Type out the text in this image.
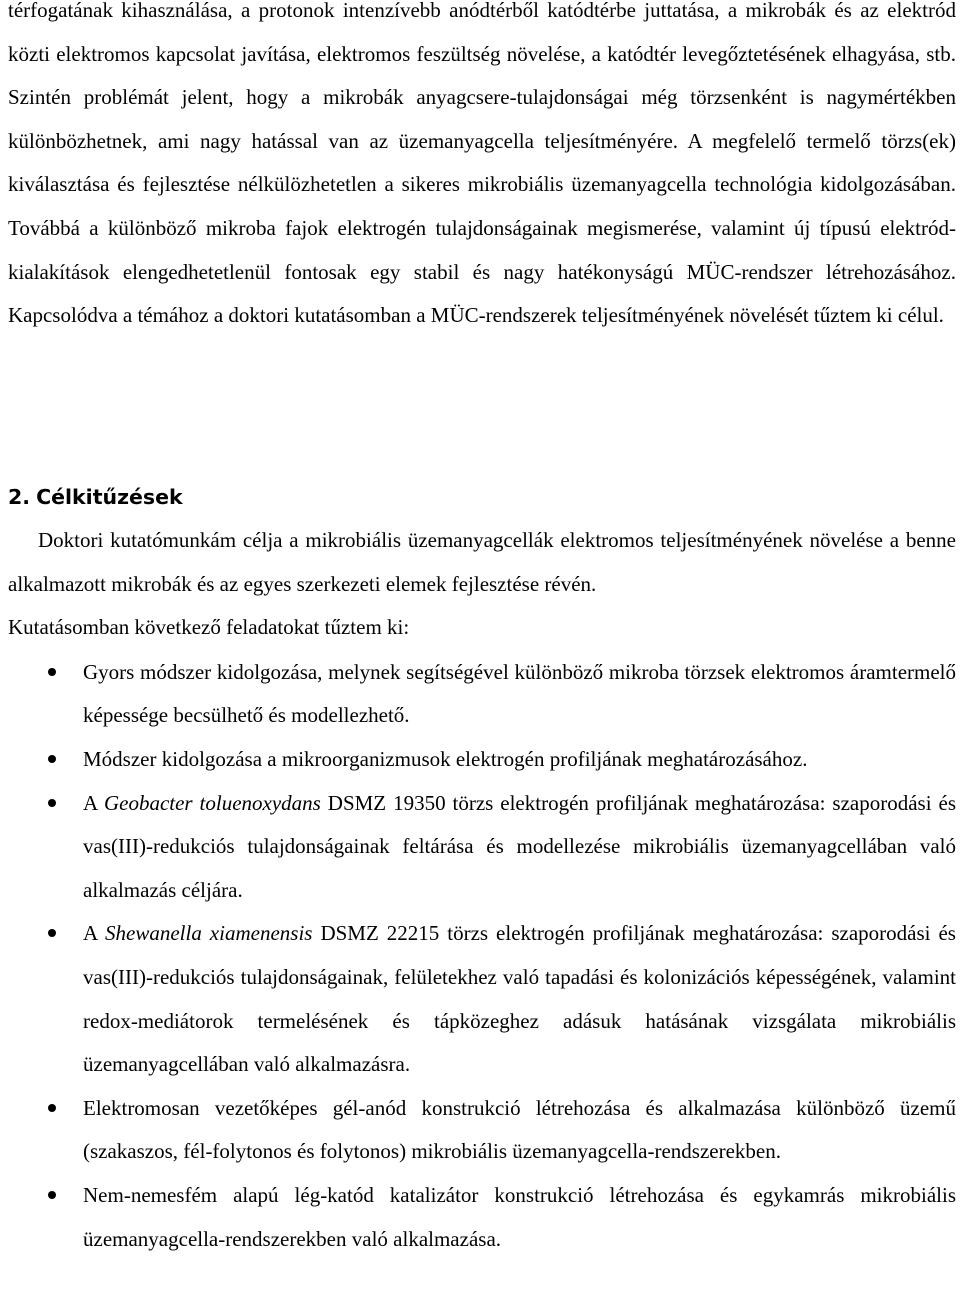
térfogatának kihasználása, a protonok intenzívebb anódtérből katódtérbe juttatása, a mikrobák és az elektród közti elektromos kapcsolat javítása, elektromos feszültség növelése, a katódtér levegőztetésének elhagyása, stb. Szintén problémát jelent, hogy a mikrobák anyagcsere-tulajdonságai még törzsenként is nagymértékben különbözhetnek, ami nagy hatással van az üzemanyagcella teljesítményére. A megfelelő termelő törzs(ek) kiválasztása és fejlesztése nélkülözhetetlen a sikeres mikrobiális üzemanyagcella technológia kidolgozásában. Továbbá a különböző mikroba fajok elektrogén tulajdonságainak megismerése, valamint új típusú elektród-kialakítások elengedhetetlenül fontosak egy stabil és nagy hatékonyságú MÜC-rendszer létrehozásához. Kapcsolódva a témához a doktori kutatásomban a MÜC-rendszerek teljesítményének növelését tűztem ki célul.

2. Célkitűzések

Doktori kutatómunkám célja a mikrobiális üzemanyagcellák elektromos teljesítményének növelése a benne alkalmazott mikrobák és az egyes szerkezeti elemek fejlesztése révén.

Kutatásomban következő feladatokat tűztem ki:

Gyors módszer kidolgozása, melynek segítségével különböző mikroba törzsek elektromos áramtermelő képessége becsülhető és modellezhető.
Módszer kidolgozása a mikroorganizmusok elektrogén profiljának meghatározásához.
A Geobacter toluenoxydans DSMZ 19350 törzs elektrogén profiljának meghatározása: szaporodási és vas(III)-redukciós tulajdonságainak feltárása és modellezése mikrobiális üzemanyagcellában való alkalmazás céljára.
A Shewanella xiamenensis DSMZ 22215 törzs elektrogén profiljának meghatározása: szaporodási és vas(III)-redukciós tulajdonságainak, felületekhez való tapadási és kolonizációs képességének, valamint redox-mediátorok termelésének és tápközeghez adásuk hatásának vizsgálata mikrobiális üzemanyagcellában való alkalmazásra.
Elektromosan vezetőképes gél-anód konstrukció létrehozása és alkalmazása különböző üzemű (szakaszos, fél-folytonos és folytonos) mikrobiális üzemanyagcella-rendszerekben.
Nem-nemesfém alapú lég-katód katalizátor konstrukció létrehozása és egykamrás mikrobiális üzemanyagcella-rendszerekben való alkalmazása.
